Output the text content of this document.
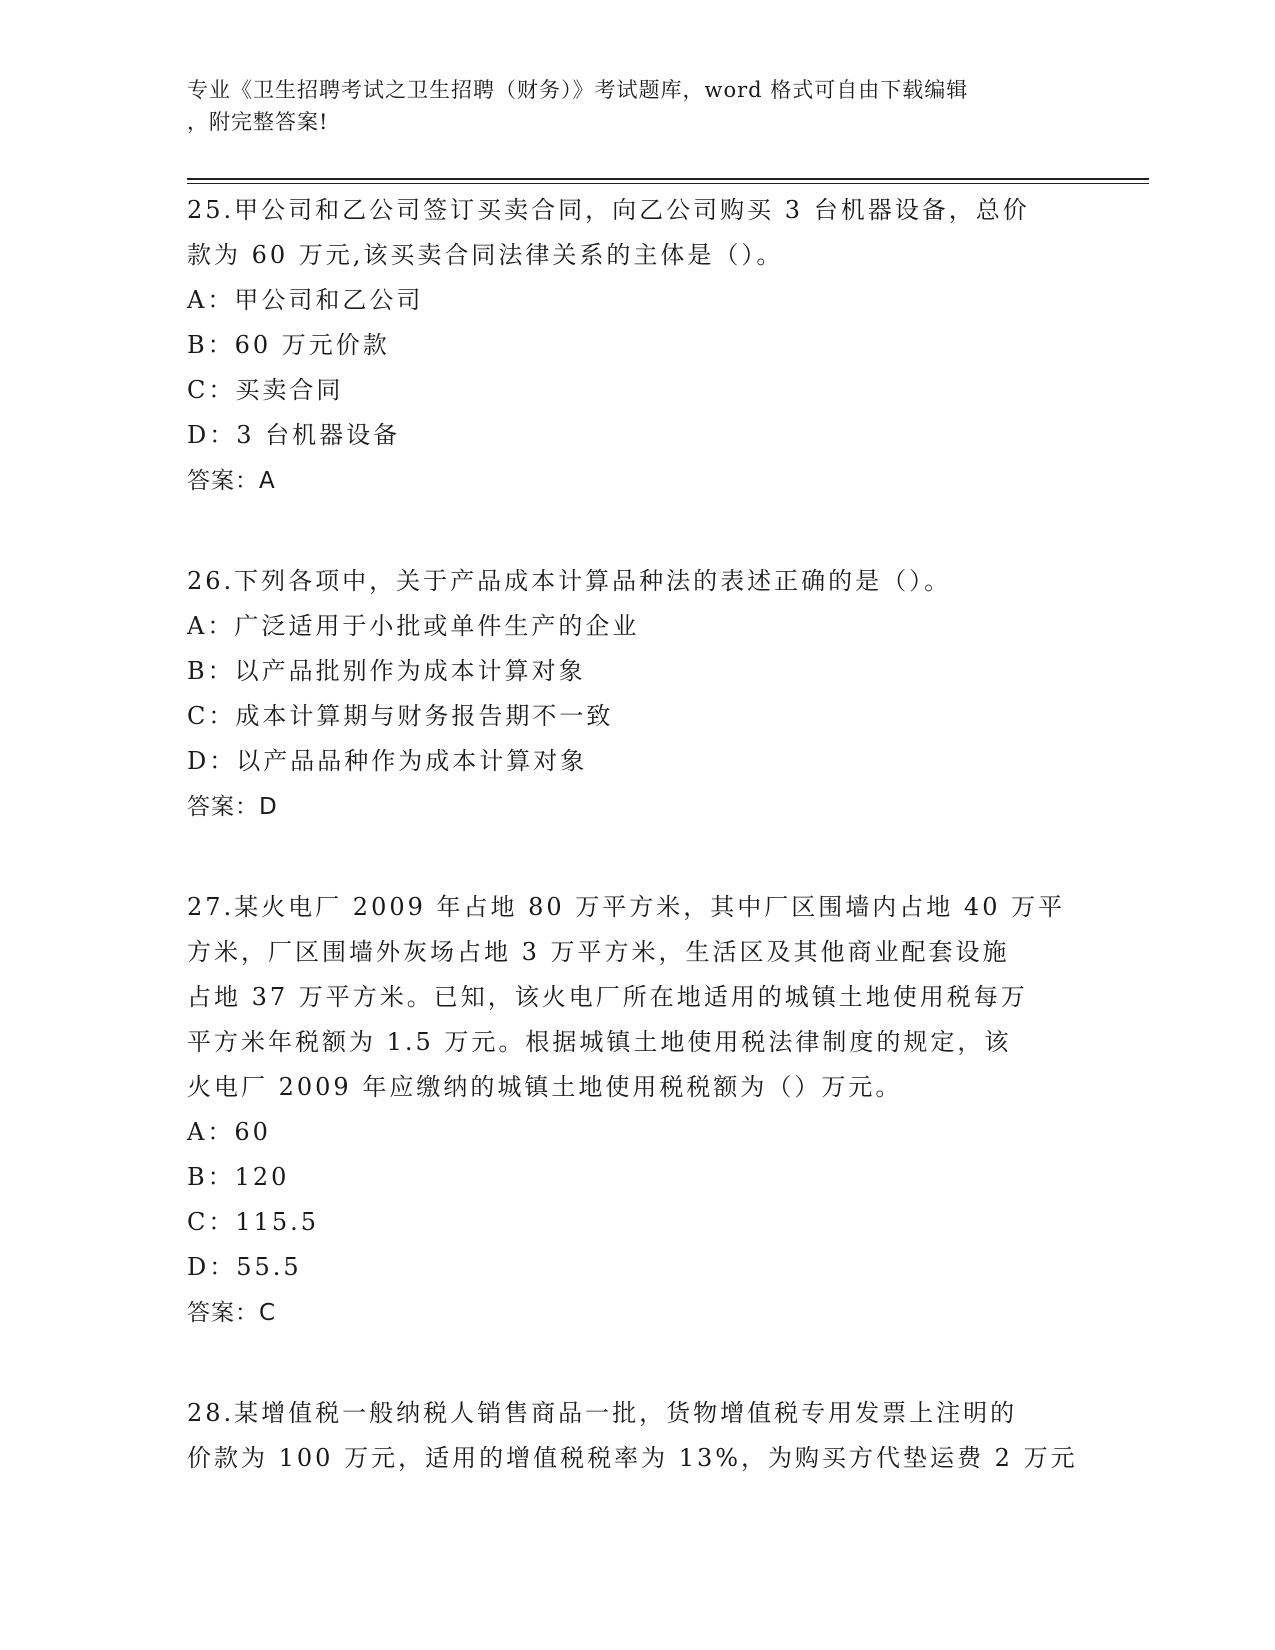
专业《卫生招聘考试之卫生招聘（财务）》考试题库，word 格式可自由下载编辑
，附完整答案!

25.甲公司和乙公司签订买卖合同，向乙公司购买 3 台机器设备，总价

款为 60 万元,该买卖合同法律关系的主体是（）。

A：甲公司和乙公司

B：60 万元价款

C：买卖合同

D：3 台机器设备

答案：A

26.下列各项中，关于产品成本计算品种法的表述正确的是（）。

A：广泛适用于小批或单件生产的企业

B：以产品批别作为成本计算对象

C：成本计算期与财务报告期不一致

D：以产品品种作为成本计算对象

答案：D

27.某火电厂 2009 年占地 80 万平方米，其中厂区围墙内占地 40 万平

方米，厂区围墙外灰场占地 3 万平方米，生活区及其他商业配套设施

占地 37 万平方米。已知，该火电厂所在地适用的城镇土地使用税每万

平方米年税额为 1.5 万元。根据城镇土地使用税法律制度的规定，该

火电厂 2009 年应缴纳的城镇土地使用税税额为（）万元。

A：60

B：120

C：115.5

D：55.5

答案：C

28.某增值税一般纳税人销售商品一批，货物增值税专用发票上注明的

价款为 100 万元，适用的增值税税率为 13%，为购买方代垫运费 2 万元
